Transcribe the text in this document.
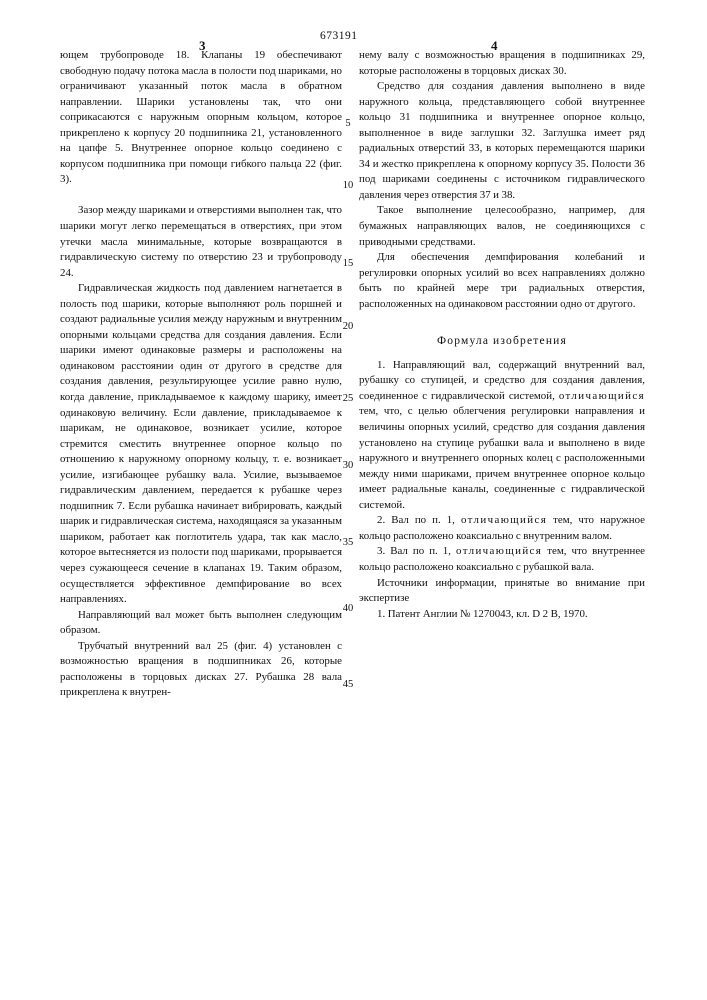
3
673191
4
5
10
15
20
25
30
35
40
45

ющем трубопроводе 18. Клапаны 19 обеспечивают свободную подачу потока масла в полости под шариками, но ограничивают указанный поток масла в обратном направлении. Шарики установлены так, что они соприкасаются с наружным опорным кольцом, которое прикреплено к корпусу 20 подшипника 21, установленного на цапфе 5. Внутреннее опорное кольцо соединено с корпусом подшипника при помощи гибкого пальца 22 (фиг. 3).

Зазор между шариками и отверстиями выполнен так, что шарики могут легко перемещаться в отверстиях, при этом утечки масла минимальные, которые возвращаются в гидравлическую систему по отверстию 23 и трубопроводу 24.

Гидравлическая жидкость под давлением нагнетается в полость под шарики, которые выполняют роль поршней и создают радиальные усилия между наружным и внутренним опорными кольцами средства для создания давления. Если шарики имеют одинаковые размеры и расположены на одинаковом расстоянии один от другого в средстве для создания давления, результирующее усилие равно нулю, когда давление, прикладываемое к каждому шарику, имеет одинаковую величину. Если давление, прикладываемое к шарикам, не одинаковое, возникает усилие, которое стремится сместить внутреннее опорное кольцо по отношению к наружному опорному кольцу, т. е. возникает усилие, изгибающее рубашку вала. Усилие, вызываемое гидравлическим давлением, передается к рубашке через подшипник 7. Если рубашка начинает вибрировать, каждый шарик и гидравлическая система, находящаяся за указанным шариком, работает как поглотитель удара, так как масло, которое вытесняется из полости под шариками, прорывается через сужающееся сечение в клапанах 19. Таким образом, осуществляется эффективное демпфирование во всех направлениях.

Направляющий вал может быть выполнен следующим образом.

Трубчатый внутренний вал 25 (фиг. 4) установлен с возможностью вращения в подшипниках 26, которые расположены в торцовых дисках 27. Рубашка 28 вала прикреплена к внутрен-

нему валу с возможностью вращения в подшипниках 29, которые расположены в торцовых дисках 30.

Средство для создания давления выполнено в виде наружного кольца, представляющего собой внутреннее кольцо 31 подшипника и внутреннее опорное кольцо, выполненное в виде заглушки 32. Заглушка имеет ряд радиальных отверстий 33, в которых перемещаются шарики 34 и жестко прикреплена к опорному корпусу 35. Полости 36 под шариками соединены с источником гидравлического давления через отверстия 37 и 38.

Такое выполнение целесообразно, например, для бумажных направляющих валов, не соединяющихся с приводными средствами.

Для обеспечения демпфирования колебаний и регулировки опорных усилий во всех направлениях должно быть по крайней мере три радиальных отверстия, расположенных на одинаковом расстоянии одно от другого.

Формула изобретения

1. Направляющий вал, содержащий внутренний вал, рубашку со ступицей, и средство для создания давления, соединенное с гидравлической системой, отличающийся тем, что, с целью облегчения регулировки направления и величины опорных усилий, средство для создания давления установлено на ступице рубашки вала и выполнено в виде наружного и внутреннего опорных колец с расположенными между ними шариками, причем внутреннее опорное кольцо имеет радиальные каналы, соединенные с гидравлической системой.

2. Вал по п. 1, отличающийся тем, что наружное кольцо расположено коаксиально с внутренним валом.

3. Вал по п. 1, отличающийся тем, что внутреннее кольцо расположено коаксиально с рубашкой вала.

Источники информации, принятые во внимание при экспертизе

1. Патент Англии № 1270043, кл. D 2 B, 1970.
